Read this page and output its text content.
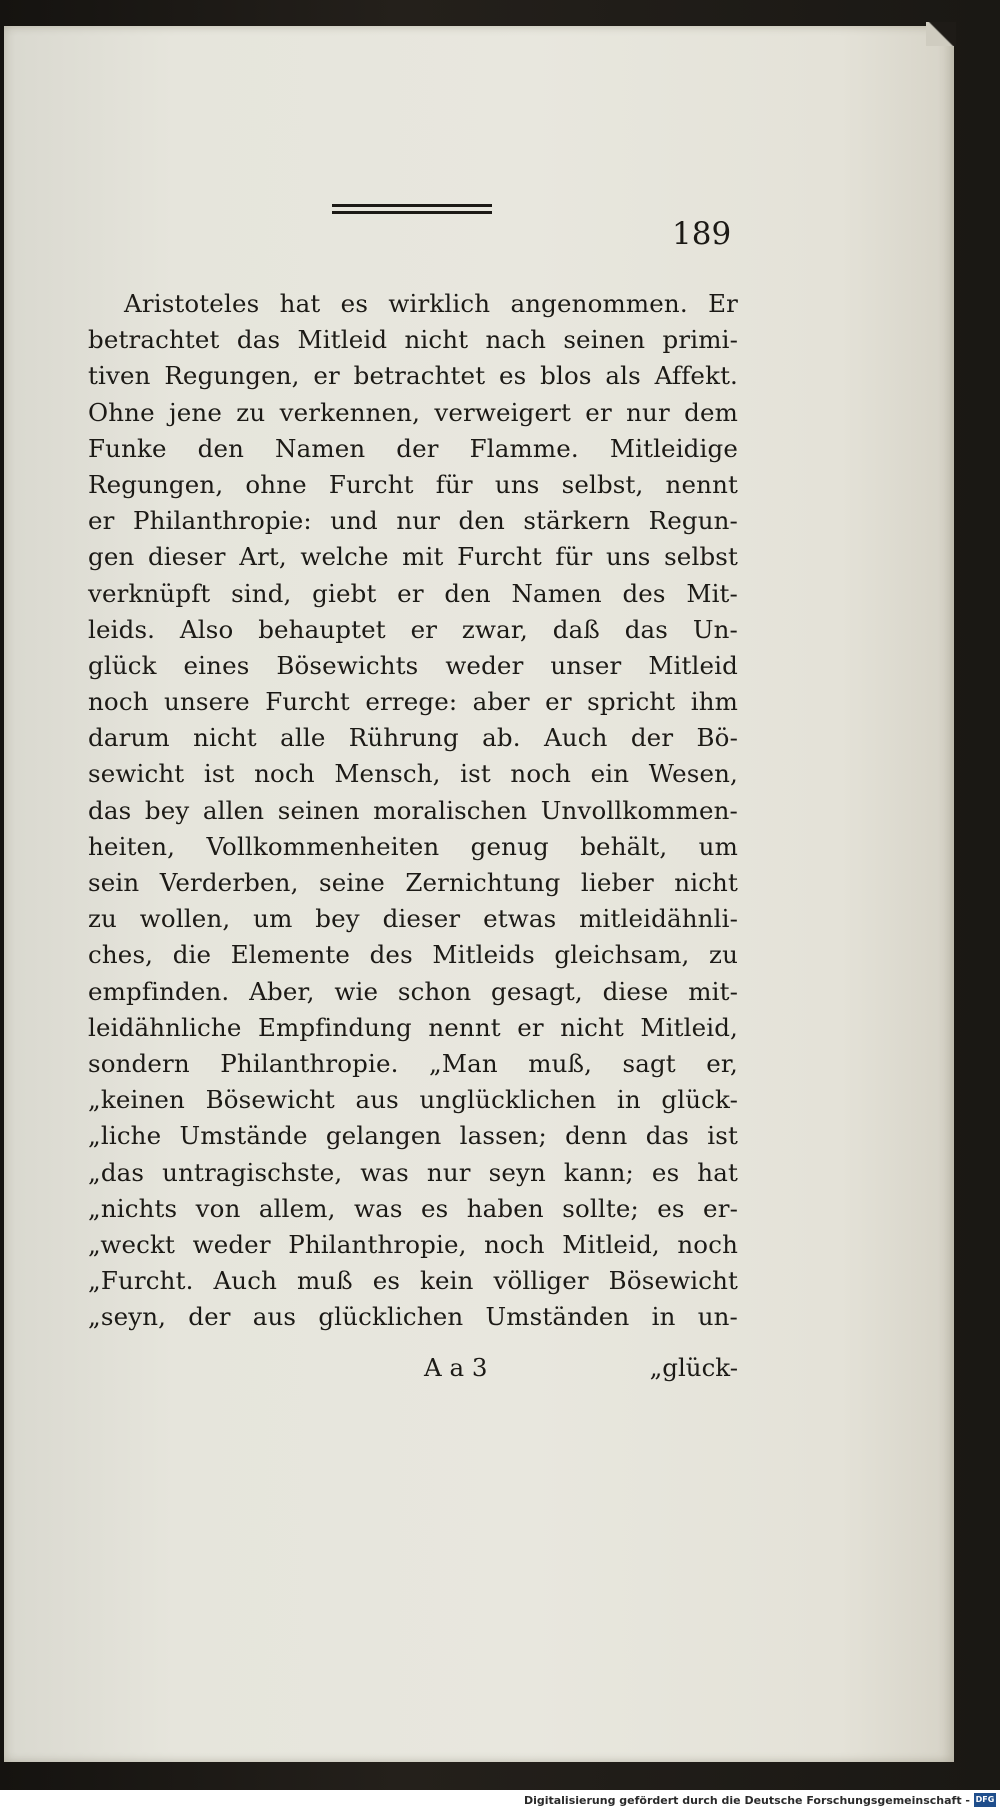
189
Aristoteles hat es wirklich angenommen. Er
betrachtet das Mitleid nicht nach seinen primi-
tiven Regungen, er betrachtet es blos als Affekt.
Ohne jene zu verkennen, verweigert er nur dem
Funke den Namen der Flamme. Mitleidige
Regungen, ohne Furcht für uns selbst, nennt
er Philanthropie: und nur den stärkern Regun-
gen dieser Art, welche mit Furcht für uns selbst
verknüpft sind, giebt er den Namen des Mit-
leids. Also behauptet er zwar, daß das Un-
glück eines Bösewichts weder unser Mitleid
noch unsere Furcht errege: aber er spricht ihm
darum nicht alle Rührung ab. Auch der Bö-
sewicht ist noch Mensch, ist noch ein Wesen,
das bey allen seinen moralischen Unvollkommen-
heiten, Vollkommenheiten genug behält, um
sein Verderben, seine Zernichtung lieber nicht
zu wollen, um bey dieser etwas mitleidähnli-
ches, die Elemente des Mitleids gleichsam, zu
empfinden. Aber, wie schon gesagt, diese mit-
leidähnliche Empfindung nennt er nicht Mitleid,
sondern Philanthropie. „Man muß, sagt er,
„keinen Bösewicht aus unglücklichen in glück-
„liche Umstände gelangen lassen; denn das ist
„das untragischste, was nur seyn kann; es hat
„nichts von allem, was es haben sollte; es er-
„weckt weder Philanthropie, noch Mitleid, noch
„Furcht. Auch muß es kein völliger Bösewicht
„seyn, der aus glücklichen Umständen in un-
A a 3	„glück-
Digitalisierung gefördert durch die Deutsche Forschungsgemeinschaft - DFG
